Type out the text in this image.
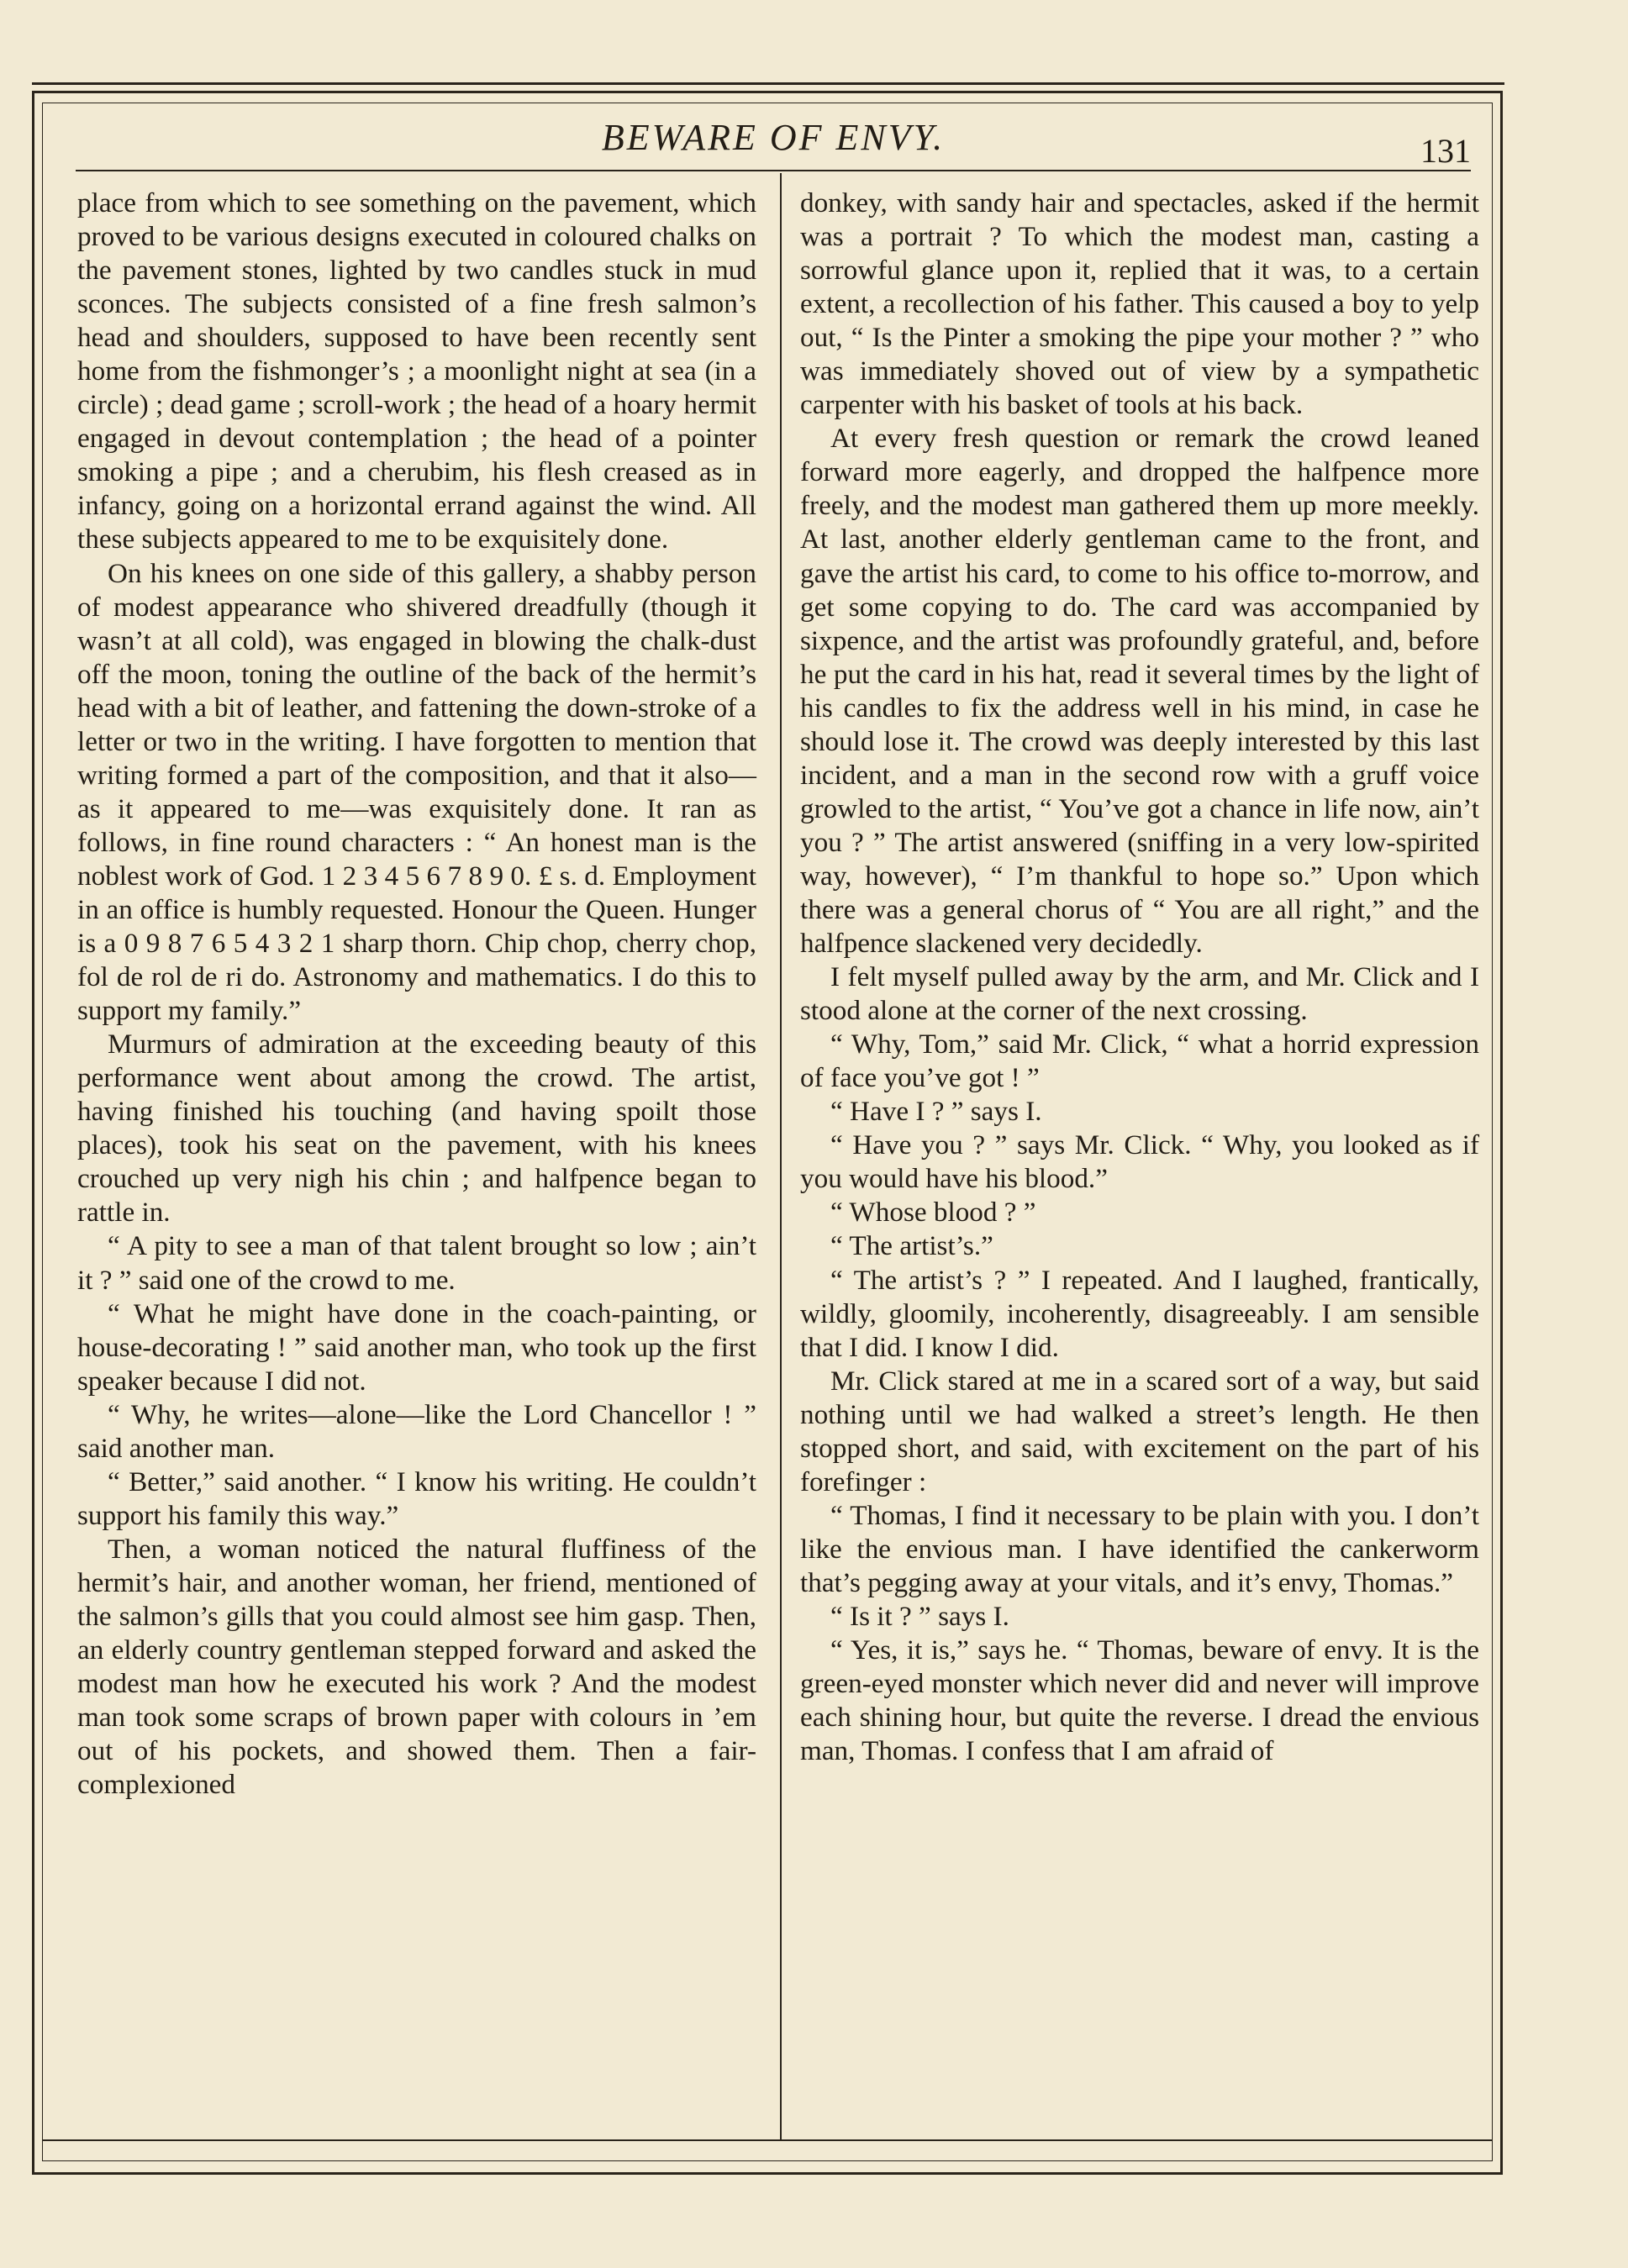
BEWARE OF ENVY.	131

place from which to see something on the pavement, which proved to be various designs executed in coloured chalks on the pavement stones, lighted by two candles stuck in mud sconces. The subjects consisted of a fine fresh salmon’s head and shoulders, supposed to have been recently sent home from the fishmonger’s ; a moonlight night at sea (in a circle) ; dead game ; scroll-work ; the head of a hoary hermit engaged in devout contemplation ; the head of a pointer smoking a pipe ; and a cherubim, his flesh creased as in infancy, going on a horizontal errand against the wind. All these subjects appeared to me to be exquisitely done.

On his knees on one side of this gallery, a shabby person of modest appearance who shivered dreadfully (though it wasn’t at all cold), was engaged in blowing the chalk-dust off the moon, toning the outline of the back of the hermit’s head with a bit of leather, and fattening the down-stroke of a letter or two in the writing. I have forgotten to mention that writing formed a part of the composition, and that it also—as it appeared to me—was exquisitely done. It ran as follows, in fine round characters : “ An honest man is the noblest work of God. 1 2 3 4 5 6 7 8 9 0. £ s. d. Employment in an office is humbly requested. Honour the Queen. Hunger is a 0 9 8 7 6 5 4 3 2 1 sharp thorn. Chip chop, cherry chop, fol de rol de ri do. Astronomy and mathematics. I do this to support my family.”

Murmurs of admiration at the exceeding beauty of this performance went about among the crowd. The artist, having finished his touching (and having spoilt those places), took his seat on the pavement, with his knees crouched up very nigh his chin ; and halfpence began to rattle in.

“ A pity to see a man of that talent brought so low ; ain’t it ? ” said one of the crowd to me.

“ What he might have done in the coach-painting, or house-decorating ! ” said another man, who took up the first speaker because I did not.

“ Why, he writes—alone—like the Lord Chancellor ! ” said another man.

“ Better,” said another. “ I know his writing. He couldn’t support his family this way.”

Then, a woman noticed the natural fluffiness of the hermit’s hair, and another woman, her friend, mentioned of the salmon’s gills that you could almost see him gasp. Then, an elderly country gentleman stepped forward and asked the modest man how he executed his work ? And the modest man took some scraps of brown paper with colours in ’em out of his pockets, and showed them. Then a fair-complexioned

donkey, with sandy hair and spectacles, asked if the hermit was a portrait ? To which the modest man, casting a sorrowful glance upon it, replied that it was, to a certain extent, a recollection of his father. This caused a boy to yelp out, “ Is the Pinter a smoking the pipe your mother ? ” who was immediately shoved out of view by a sympathetic carpenter with his basket of tools at his back.

At every fresh question or remark the crowd leaned forward more eagerly, and dropped the halfpence more freely, and the modest man gathered them up more meekly. At last, another elderly gentleman came to the front, and gave the artist his card, to come to his office to-morrow, and get some copying to do. The card was accompanied by sixpence, and the artist was profoundly grateful, and, before he put the card in his hat, read it several times by the light of his candles to fix the address well in his mind, in case he should lose it. The crowd was deeply interested by this last incident, and a man in the second row with a gruff voice growled to the artist, “ You’ve got a chance in life now, ain’t you ? ” The artist answered (sniffing in a very low-spirited way, however), “ I’m thankful to hope so.” Upon which there was a general chorus of “ You are all right,” and the halfpence slackened very decidedly.

I felt myself pulled away by the arm, and Mr. Click and I stood alone at the corner of the next crossing.

“ Why, Tom,” said Mr. Click, “ what a horrid expression of face you’ve got ! ”

“ Have I ? ” says I.

“ Have you ? ” says Mr. Click. “ Why, you looked as if you would have his blood.”

“ Whose blood ? ”

“ The artist’s.”

“ The artist’s ? ” I repeated. And I laughed, frantically, wildly, gloomily, incoherently, disagreeably. I am sensible that I did. I know I did.

Mr. Click stared at me in a scared sort of a way, but said nothing until we had walked a street’s length. He then stopped short, and said, with excitement on the part of his forefinger :

“ Thomas, I find it necessary to be plain with you. I don’t like the envious man. I have identified the cankerworm that’s pegging away at your vitals, and it’s envy, Thomas.”

“ Is it ? ” says I.

“ Yes, it is,” says he. “ Thomas, beware of envy. It is the green-eyed monster which never did and never will improve each shining hour, but quite the reverse. I dread the envious man, Thomas. I confess that I am afraid of
